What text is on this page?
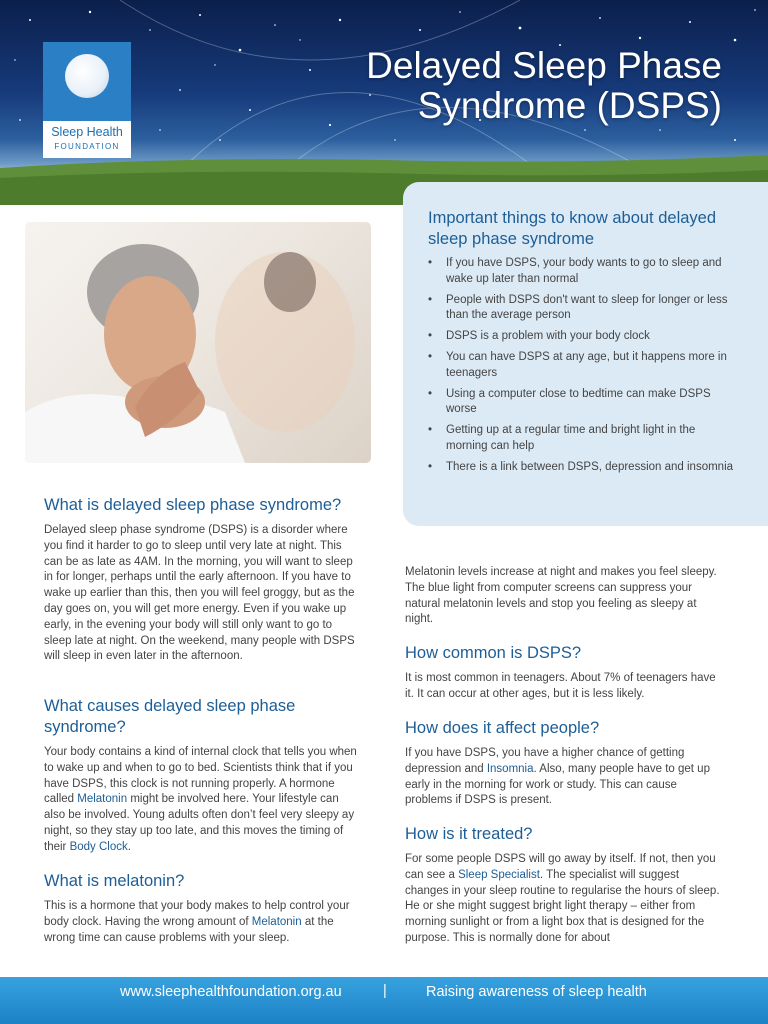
Sleep Health
FOUNDATION
Delayed Sleep Phase
Syndrome (DSPS)
Important things to know about delayed sleep phase syndrome
• If you have DSPS, your body wants to go to sleep and wake up later than normal
• People with DSPS don't want to sleep for longer or less than the average person
• DSPS is a problem with your body clock
• You can have DSPS at any age, but it happens more in teenagers
• Using a computer close to bedtime can make DSPS worse
• Getting up at a regular time and bright light in the morning can help
• There is a link between DSPS, depression and insomnia
What is delayed sleep phase syndrome?

Delayed sleep phase syndrome (DSPS) is a disorder where you find it harder to go to sleep until very late at night. This can be as late as 4AM. In the morning, you will want to sleep in for longer, perhaps until the early afternoon. If you have to wake up earlier than this, then you will feel groggy, but as the day goes on, you will get more energy. Even if you wake up early, in the evening your body will still only want to go to sleep late at night. On the weekend, many people with DSPS will sleep in even later in the afternoon.

What causes delayed sleep phase syndrome?

Your body contains a kind of internal clock that tells you when to wake up and when to go to bed. Scientists think that if you have DSPS, this clock is not running properly. A hormone called Melatonin might be involved here. Your lifestyle can also be involved. Young adults often don’t feel very sleepy ay night, so they stay up too late, and this moves the timing of their Body Clock.

What is melatonin?

This is a hormone that your body makes to help control your body clock. Having the wrong amount of Melatonin at the wrong time can cause problems with your sleep.

Melatonin levels increase at night and makes you feel sleepy. The blue light from computer screens can suppress your natural melatonin levels and stop you feeling as sleepy at night.

How common is DSPS?

It is most common in teenagers. About 7% of teenagers have it. It can occur at other ages, but it is less likely.

How does it affect people?

If you have DSPS, you have a higher chance of getting depression and Insomnia. Also, many people have to get up early in the morning for work or study. This can cause problems if DSPS is present.

How is it treated?

For some people DSPS will go away by itself. If not, then you can see a Sleep Specialist. The specialist will suggest changes in your sleep routine to regularise the hours of sleep. He or she might suggest bright light therapy – either from morning sunlight or from a light box that is designed for the purpose. This is normally done for about

www.sleephealthfoundation.org.au	|	Raising awareness of sleep health
